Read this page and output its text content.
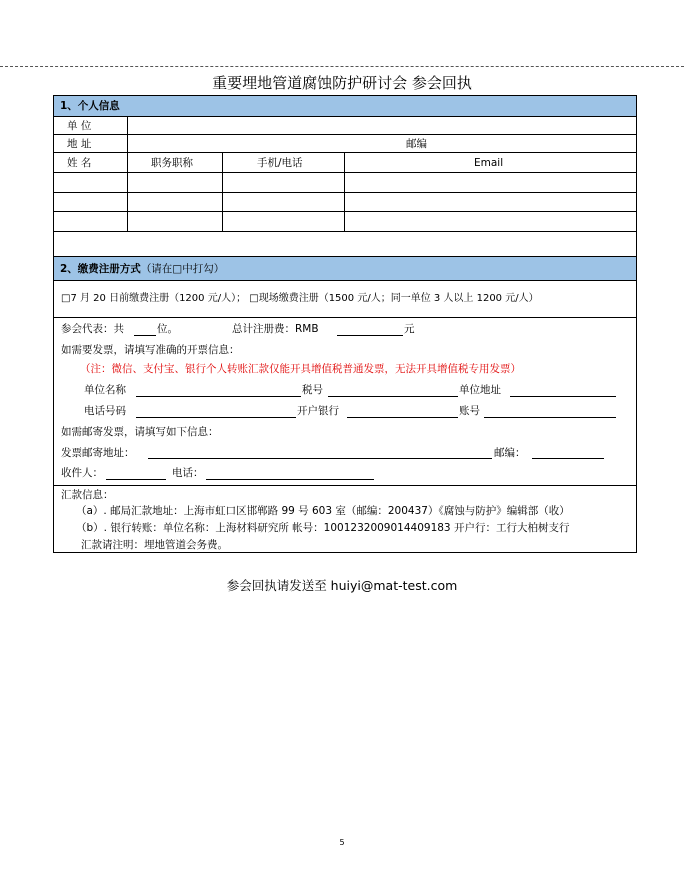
重要埋地管道腐蚀防护研讨会 参会回执
1、个人信息
单 位
地 址	邮编
姓 名	职务职称	手机/电话	Email
2、缴费注册方式（请在□中打勾）
□7 月 20 日前缴费注册（1200 元/人）； □现场缴费注册（1500 元/人；同一单位 3 人以上 1200 元/人）
参会代表：共	位。	总计注册费：RMB	元
如需要发票，请填写准确的开票信息：
（注：微信、支付宝、银行个人转账汇款仅能开具增值税普通发票，无法开具增值税专用发票）
单位名称	税号	单位地址
电话号码	开户银行	账号
如需邮寄发票，请填写如下信息：
发票邮寄地址：	邮编：
收件人：	电话：
汇款信息：
（a）. 邮局汇款地址：上海市虹口区邯郸路 99 号 603 室（邮编：200437）《腐蚀与防护》编辑部（收）
（b）. 银行转账：单位名称：上海材料研究所 帐号：1001232009014409183 开户行：工行大柏树支行
汇款请注明：埋地管道会务费。
参会回执请发送至 huiyi@mat-test.com
5
